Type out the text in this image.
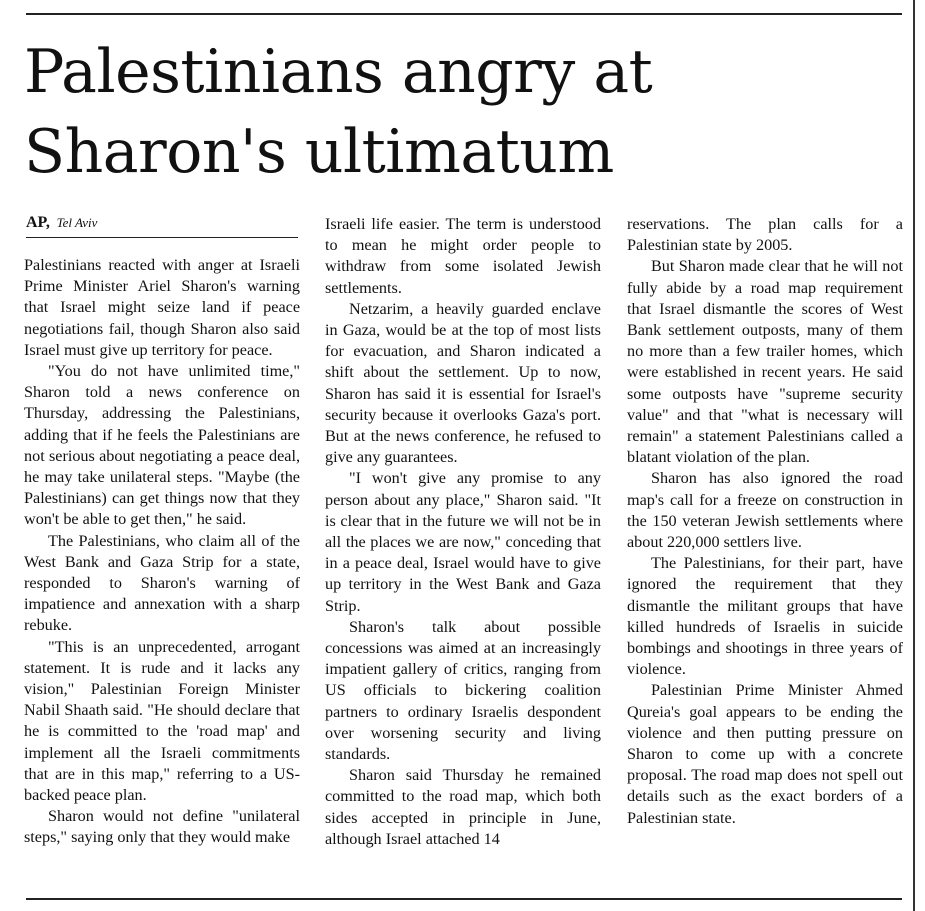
Palestinians angry at
Sharon's ultimatum
AP, Tel Aviv

Palestinians reacted with anger at Israeli Prime Minister Ariel Sharon's warning that Israel might seize land if peace negotiations fail, though Sharon also said Israel must give up territory for peace.

"You do not have unlimited time," Sharon told a news conference on Thursday, addressing the Palestinians, adding that if he feels the Palestinians are not serious about negotiating a peace deal, he may take unilateral steps. "Maybe (the Palestinians) can get things now that they won't be able to get then," he said.

The Palestinians, who claim all of the West Bank and Gaza Strip for a state, responded to Sharon's warning of impatience and annexation with a sharp rebuke.

"This is an unprecedented, arrogant statement. It is rude and it lacks any vision," Palestinian Foreign Minister Nabil Shaath said. "He should declare that he is committed to the 'road map' and implement all the Israeli commitments that are in this map," referring to a US-backed peace plan.

Sharon would not define "unilateral steps," saying only that they would make

Israeli life easier. The term is understood to mean he might order people to withdraw from some isolated Jewish settlements.

Netzarim, a heavily guarded enclave in Gaza, would be at the top of most lists for evacuation, and Sharon indicated a shift about the settlement. Up to now, Sharon has said it is essential for Israel's security because it overlooks Gaza's port. But at the news conference, he refused to give any guarantees.

"I won't give any promise to any person about any place," Sharon said. "It is clear that in the future we will not be in all the places we are now," conceding that in a peace deal, Israel would have to give up territory in the West Bank and Gaza Strip.

Sharon's talk about possible concessions was aimed at an increasingly impatient gallery of critics, ranging from US officials to bickering coalition partners to ordinary Israelis despondent over worsening security and living standards.

Sharon said Thursday he remained committed to the road map, which both sides accepted in principle in June, although Israel attached 14

reservations. The plan calls for a Palestinian state by 2005.

But Sharon made clear that he will not fully abide by a road map requirement that Israel dismantle the scores of West Bank settlement outposts, many of them no more than a few trailer homes, which were established in recent years. He said some outposts have "supreme security value" and that "what is necessary will remain" a statement Palestinians called a blatant violation of the plan.

Sharon has also ignored the road map's call for a freeze on construction in the 150 veteran Jewish settlements where about 220,000 settlers live.

The Palestinians, for their part, have ignored the requirement that they dismantle the militant groups that have killed hundreds of Israelis in suicide bombings and shootings in three years of violence.

Palestinian Prime Minister Ahmed Qureia's goal appears to be ending the violence and then putting pressure on Sharon to come up with a concrete proposal. The road map does not spell out details such as the exact borders of a Palestinian state.
